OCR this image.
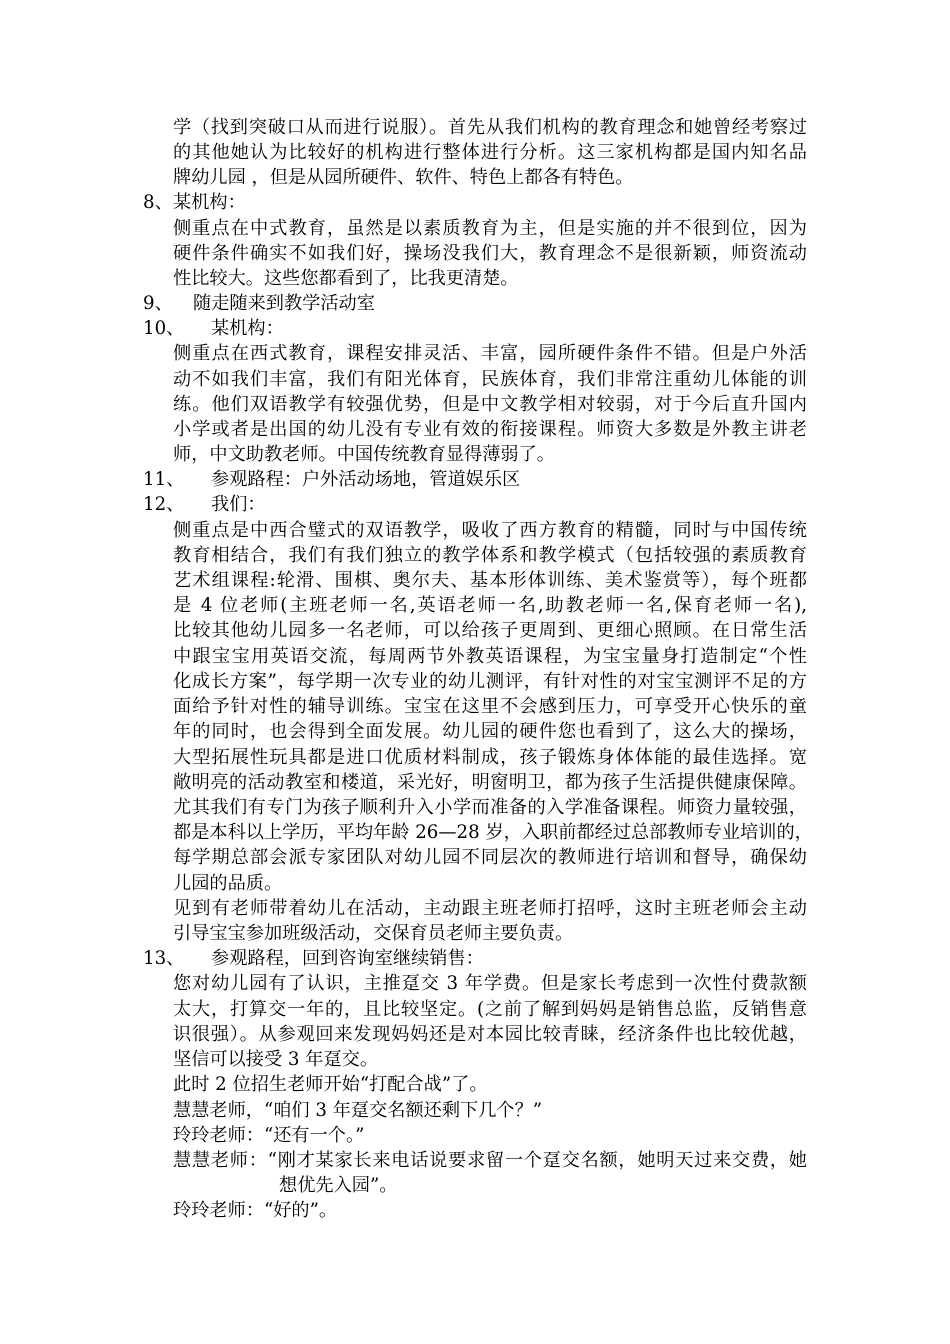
学（找到突破口从而进行说服）。首先从我们机构的教育理念和她曾经考察过
的其他她认为比较好的机构进行整体进行分析。这三家机构都是国内知名品
牌幼儿园 ，但是从园所硬件、软件、特色上都各有特色。
8、 某机构：
侧重点在中式教育，虽然是以素质教育为主，但是实施的并不很到位，因为
硬件条件确实不如我们好，操场没我们大，教育理念不是很新颖，师资流动
性比较大。这些您都看到了，比我更清楚。
9、 随走随来到教学活动室
10、 某机构：
侧重点在西式教育，课程安排灵活、丰富，园所硬件条件不错。但是户外活
动不如我们丰富，我们有阳光体育，民族体育，我们非常注重幼儿体能的训
练。他们双语教学有较强优势，但是中文教学相对较弱，对于今后直升国内
小学或者是出国的幼儿没有专业有效的衔接课程。师资大多数是外教主讲老
师，中文助教老师。中国传统教育显得薄弱了。
11、 参观路程：户外活动场地，管道娱乐区
12、 我们：
侧重点是中西合璧式的双语教学，吸收了西方教育的精髓，同时与中国传统
教育相结合，我们有我们独立的教学体系和教学模式（包括较强的素质教育
艺术组课程:轮滑、围棋、奥尔夫、基本形体训练、美术鉴赏等），每个班都
是 4 位老师(主班老师一名,英语老师一名,助教老师一名,保育老师一名),
比较其他幼儿园多一名老师，可以给孩子更周到、更细心照顾。在日常生活
中跟宝宝用英语交流，每周两节外教英语课程，为宝宝量身打造制定“个性
化成长方案”，每学期一次专业的幼儿测评，有针对性的对宝宝测评不足的方
面给予针对性的辅导训练。宝宝在这里不会感到压力，可享受开心快乐的童
年的同时，也会得到全面发展。幼儿园的硬件您也看到了，这么大的操场，
大型拓展性玩具都是进口优质材料制成，孩子锻炼身体体能的最佳选择。宽
敞明亮的活动教室和楼道，采光好，明窗明卫，都为孩子生活提供健康保障。
尤其我们有专门为孩子顺利升入小学而准备的入学准备课程。师资力量较强，
都是本科以上学历，平均年龄 26—28 岁，入职前都经过总部教师专业培训的，
每学期总部会派专家团队对幼儿园不同层次的教师进行培训和督导，确保幼
儿园的品质。
见到有老师带着幼儿在活动，主动跟主班老师打招呼，这时主班老师会主动
引导宝宝参加班级活动，交保育员老师主要负责。
13、 参观路程，回到咨询室继续销售：
您对幼儿园有了认识，主推趸交 3 年学费。但是家长考虑到一次性付费款额
太大，打算交一年的，且比较坚定。(之前了解到妈妈是销售总监，反销售意
识很强）。从参观回来发现妈妈还是对本园比较青睐，经济条件也比较优越，
坚信可以接受 3 年趸交。
此时 2 位招生老师开始“打配合战”了。
慧慧老师，“咱们 3 年趸交名额还剩下几个？”
玲玲老师：“还有一个。”
慧慧老师：“刚才某家长来电话说要求留一个趸交名额，她明天过来交费，她
想优先入园”。
玲玲老师：“好的”。
